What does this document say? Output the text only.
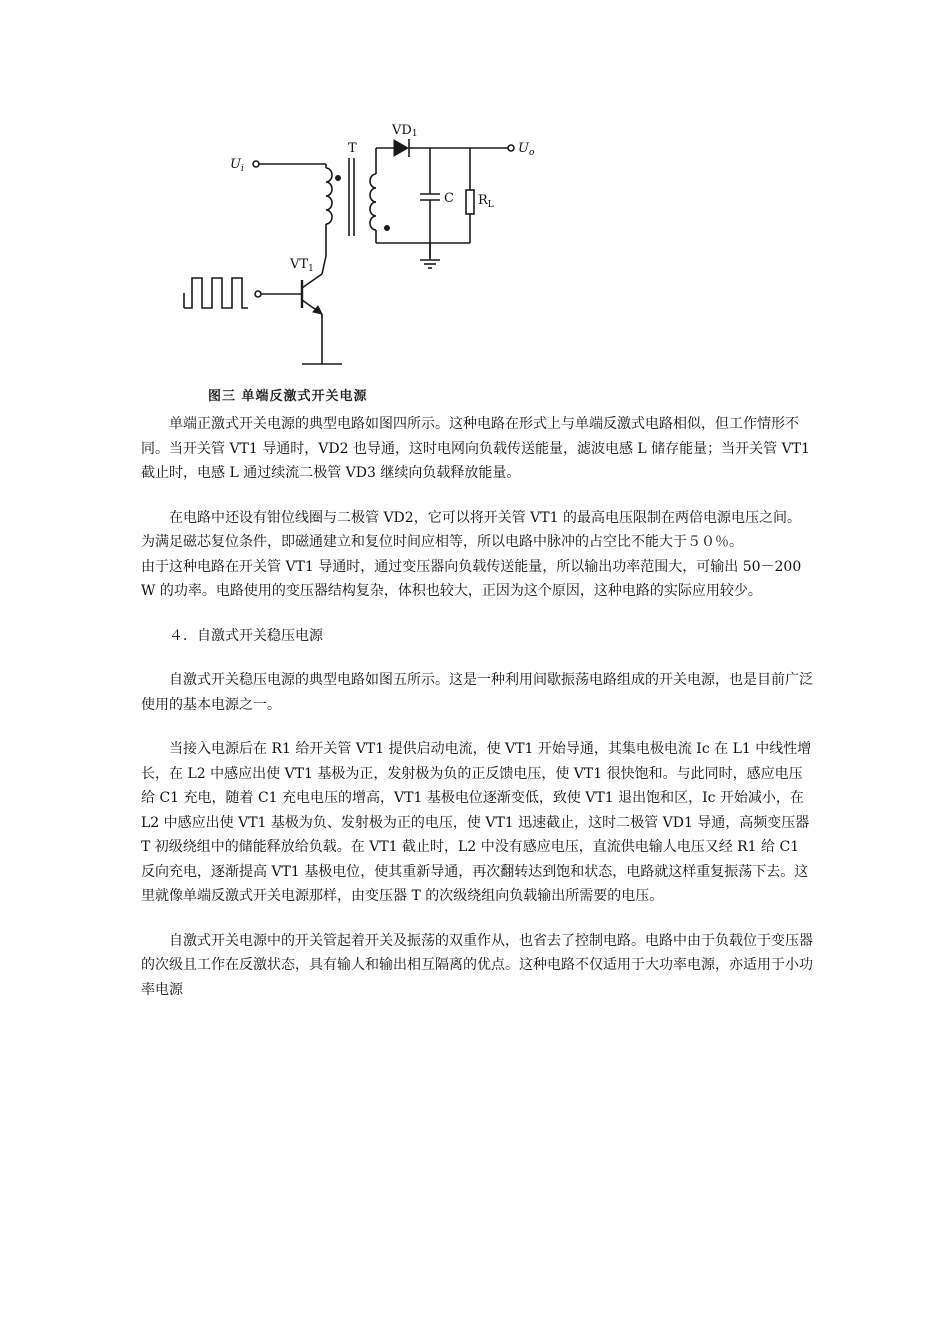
$U_i$
T
VD1
$U_o$
C $R_L$
$VT_1$
图三 单端反激式开关电源

单端正激式开关电源的典型电路如图四所示。这种电路在形式上与单端反激式电路相似，但工作情形不同。当开关管 VT1 导通时，VD2 也导通，这时电网向负载传送能量，滤波电感 L 储存能量；当开关管 VT1 截止时，电感 L 通过续流二极管 VD3 继续向负载释放能量。

在电路中还设有钳位线圈与二极管 VD2，它可以将开关管 VT1 的最高电压限制在两倍电源电压之间。为满足磁芯复位条件，即磁通建立和复位时间应相等，所以电路中脉冲的占空比不能大于５０％。

由于这种电路在开关管 VT1 导通时，通过变压器向负载传送能量，所以输出功率范围大，可输出 50－200 W 的功率。电路使用的变压器结构复杂，体积也较大，正因为这个原因，这种电路的实际应用较少。

４．自激式开关稳压电源

自激式开关稳压电源的典型电路如图五所示。这是一种利用间歇振荡电路组成的开关电源，也是目前广泛使用的基本电源之一。

当接入电源后在 R1 给开关管 VT1 提供启动电流，使 VT1 开始导通，其集电极电流 Ic 在 L1 中线性增长，在 L2 中感应出使 VT1 基极为正，发射极为负的正反馈电压，使 VT1 很快饱和。与此同时，感应电压给 C1 充电，随着 C1 充电电压的增高，VT1 基极电位逐渐变低，致使 VT1 退出饱和区，Ic 开始减小，在 L2 中感应出使 VT1 基极为负、发射极为正的电压，使 VT1 迅速截止，这时二极管 VD1 导通，高频变压器 T 初级绕组中的储能释放给负载。在 VT1 截止时，L2 中没有感应电压，直流供电输人电压又经 R1 给 C1 反向充电，逐渐提高 VT1 基极电位，使其重新导通，再次翻转达到饱和状态，电路就这样重复振荡下去。这里就像单端反激式开关电源那样，由变压器 T 的次级绕组向负载输出所需要的电压。

自激式开关电源中的开关管起着开关及振荡的双重作从，也省去了控制电路。电路中由于负载位于变压器的次级且工作在反激状态，具有输人和输出相互隔离的优点。这种电路不仅适用于大功率电源，亦适用于小功率电源
